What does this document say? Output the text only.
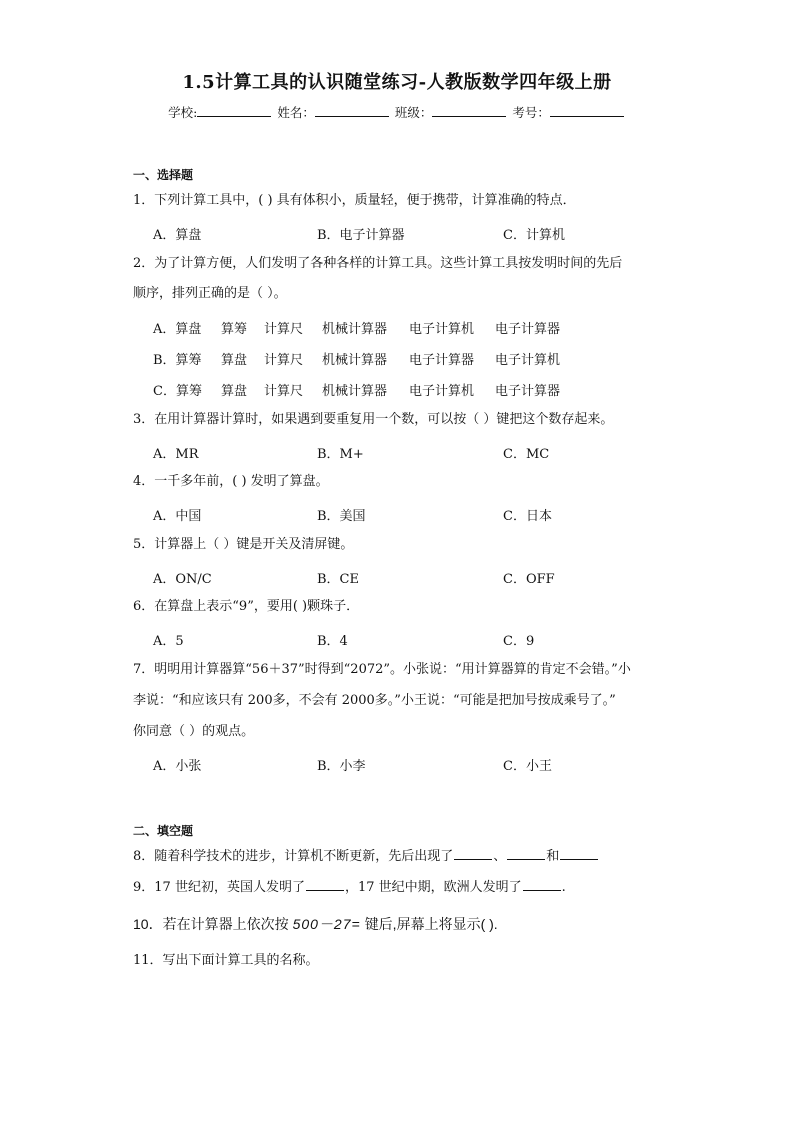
1.5计算工具的认识随堂练习-人教版数学四年级上册
学校:	姓名：	班级：	考号：
一、选择题
1．下列计算工具中，( ) 具有体积小，质量轻，便于携带，计算准确的特点．
A．算盘	B．电子计算器	C．计算机
2．为了计算方便，人们发明了各种各样的计算工具。这些计算工具按发明时间的先后
顺序，排列正确的是（ ）。
A．算盘 算筹 计算尺 机械计算器 电子计算机 电子计算器
B．算筹 算盘 计算尺 机械计算器 电子计算器 电子计算机
C．算筹 算盘 计算尺 机械计算器 电子计算机 电子计算器
3．在用计算器计算时，如果遇到要重复用一个数，可以按（ ）键把这个数存起来。
A．MR	B．M+	C．MC
4．一千多年前，( ) 发明了算盘。
A．中国	B．美国	C．日本
5．计算器上（ ）键是开关及清屏键。
A．ON/C	B．CE	C．OFF
6．在算盘上表示“9”，要用( )颗珠子．
A．5	B．4	C．9
7．明明用计算器算“56＋37”时得到“2072”。小张说：“用计算器算的肯定不会错。”小
李说：“和应该只有 200多，不会有 2000多。”小王说：“可能是把加号按成乘号了。”
你同意（ ）的观点。
A．小张	B．小李	C．小王
二、填空题
8．随着科学技术的进步，计算机不断更新，先后出现了	、	和
9．17 世纪初，英国人发明了	，17 世纪中期，欧洲人发明了	.
10．若在计算器上依次按 500－27= 键后,屏幕上将显示( ).
11．写出下面计算工具的名称。
